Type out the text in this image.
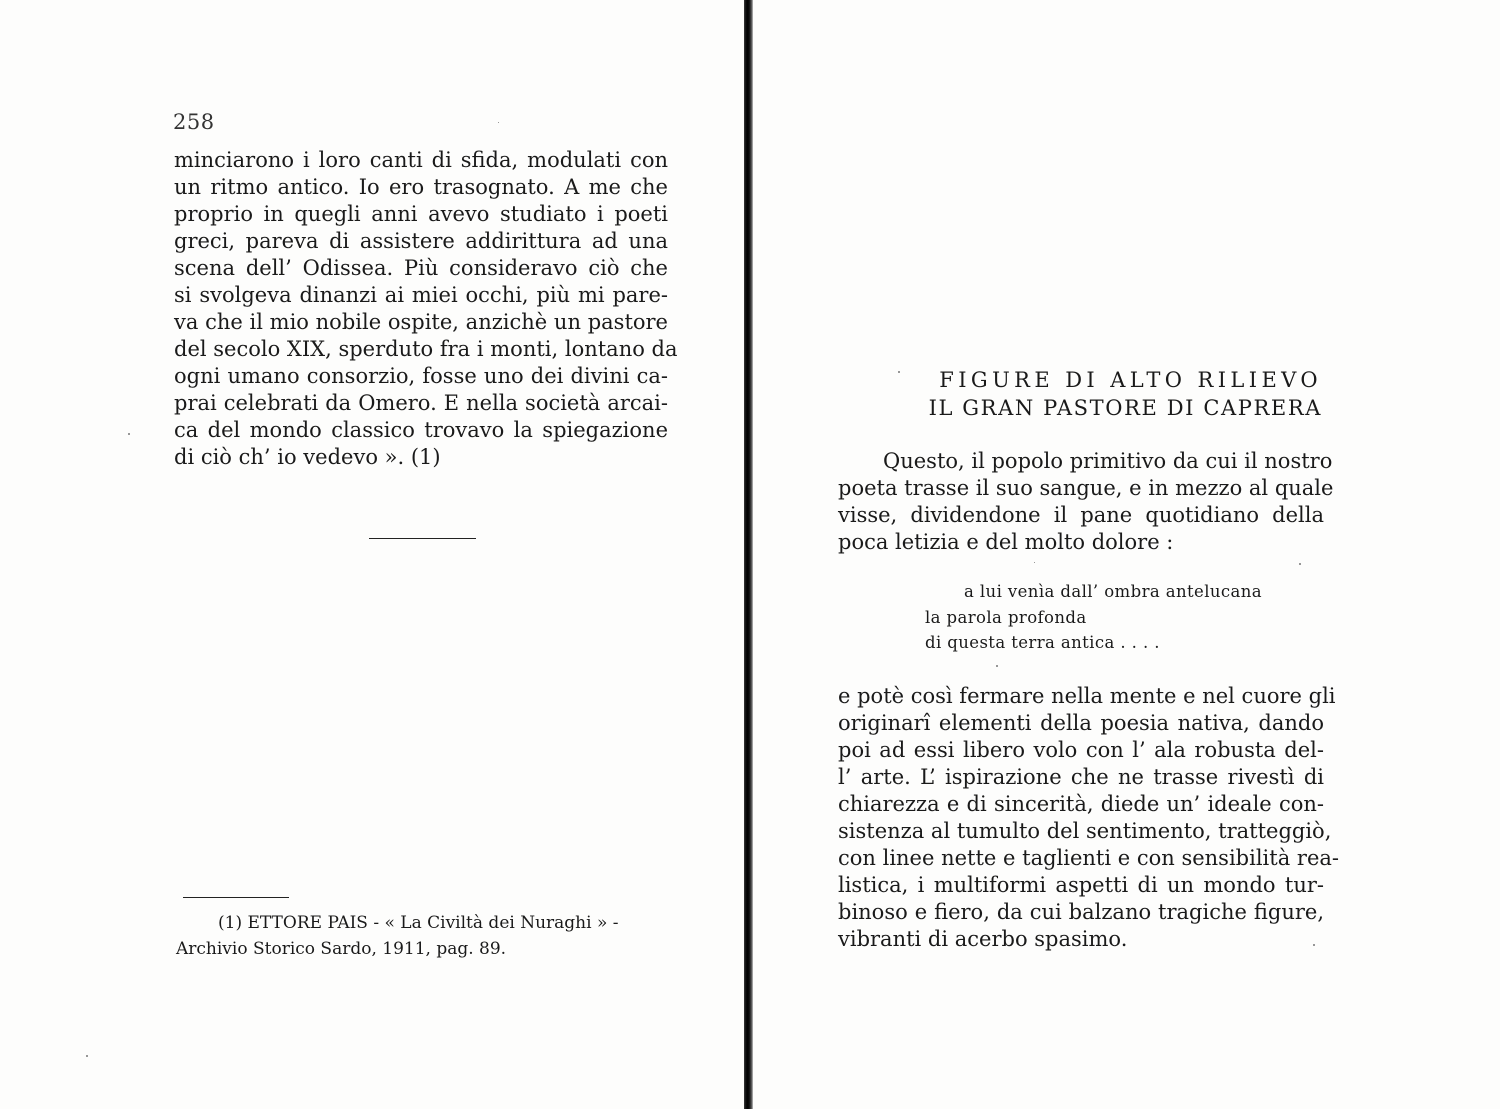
258
minciarono i loro canti di sfida, modulati con
un ritmo antico. Io ero trasognato. A me che
proprio in quegli anni avevo studiato i poeti
greci, pareva di assistere addirittura ad una
scena dell’ Odissea. Più consideravo ciò che
si svolgeva dinanzi ai miei occhi, più mi pare-
va che il mio nobile ospite, anzichè un pastore
del secolo XIX, sperduto fra i monti, lontano da
ogni umano consorzio, fosse uno dei divini ca-
prai celebrati da Omero. E nella società arcai-
ca del mondo classico trovavo la spiegazione
di ciò ch’ io vedevo ». (1)
(1) ETTORE PAIS - « La Civiltà dei Nuraghi » -
Archivio Storico Sardo, 1911, pag. 89.
FIGURE DI ALTO RILIEVO
IL GRAN PASTORE DI CAPRERA
Questo, il popolo primitivo da cui il nostro
poeta trasse il suo sangue, e in mezzo al quale
visse, dividendone il pane quotidiano della
poca letizia e del molto dolore :
a lui venìa dall’ ombra antelucana
la parola profonda
di questa terra antica . . . .
e potè così fermare nella mente e nel cuore gli
originarî elementi della poesia nativa, dando
poi ad essi libero volo con l’ ala robusta del-
l’ arte. L’ ispirazione che ne trasse rivestì di
chiarezza e di sincerità, diede un’ ideale con-
sistenza al tumulto del sentimento, tratteggiò,
con linee nette e taglienti e con sensibilità rea-
listica, i multiformi aspetti di un mondo tur-
binoso e fiero, da cui balzano tragiche figure,
vibranti di acerbo spasimo.
